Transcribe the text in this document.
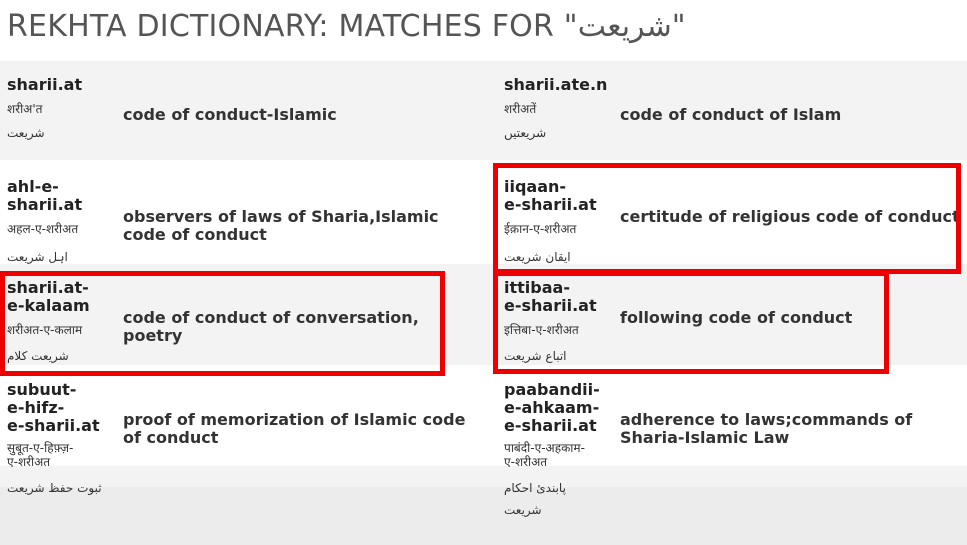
REKHTA DICTIONARY: MATCHES FOR "شریعت"
sharii.at
शरीअ'त
شریعت
code of conduct-Islamic
sharii.ate.n
शरीअतें
شریعتیں
code of conduct of Islam
ahl-e-
sharii.at
अहल-ए-शरीअत
اہل شریعت
observers of laws of Sharia,Islamic code of conduct
iiqaan-
e-sharii.at
ईक़ान-ए-शरीअत
ایقان شریعت
certitude of religious code of conduct
sharii.at-
e-kalaam
शरीअत-ए-कलाम
شریعت کلام
code of conduct of conversation, poetry
ittibaa-
e-sharii.at
इत्तिबा-ए-शरीअत
اتباع شریعت
following code of conduct
subuut-
e-hifz-
e-sharii.at
सुबूत-ए-हिफ़्ज़-
ए-शरीअत
ثبوت حفظ شریعت
proof of memorization of Islamic code of conduct
paabandii-
e-ahkaam-
e-sharii.at
पाबंदी-ए-अहकाम-
ए-शरीअत
پابندئ احکام
شریعت
adherence to laws;commands of Sharia-Islamic Law
